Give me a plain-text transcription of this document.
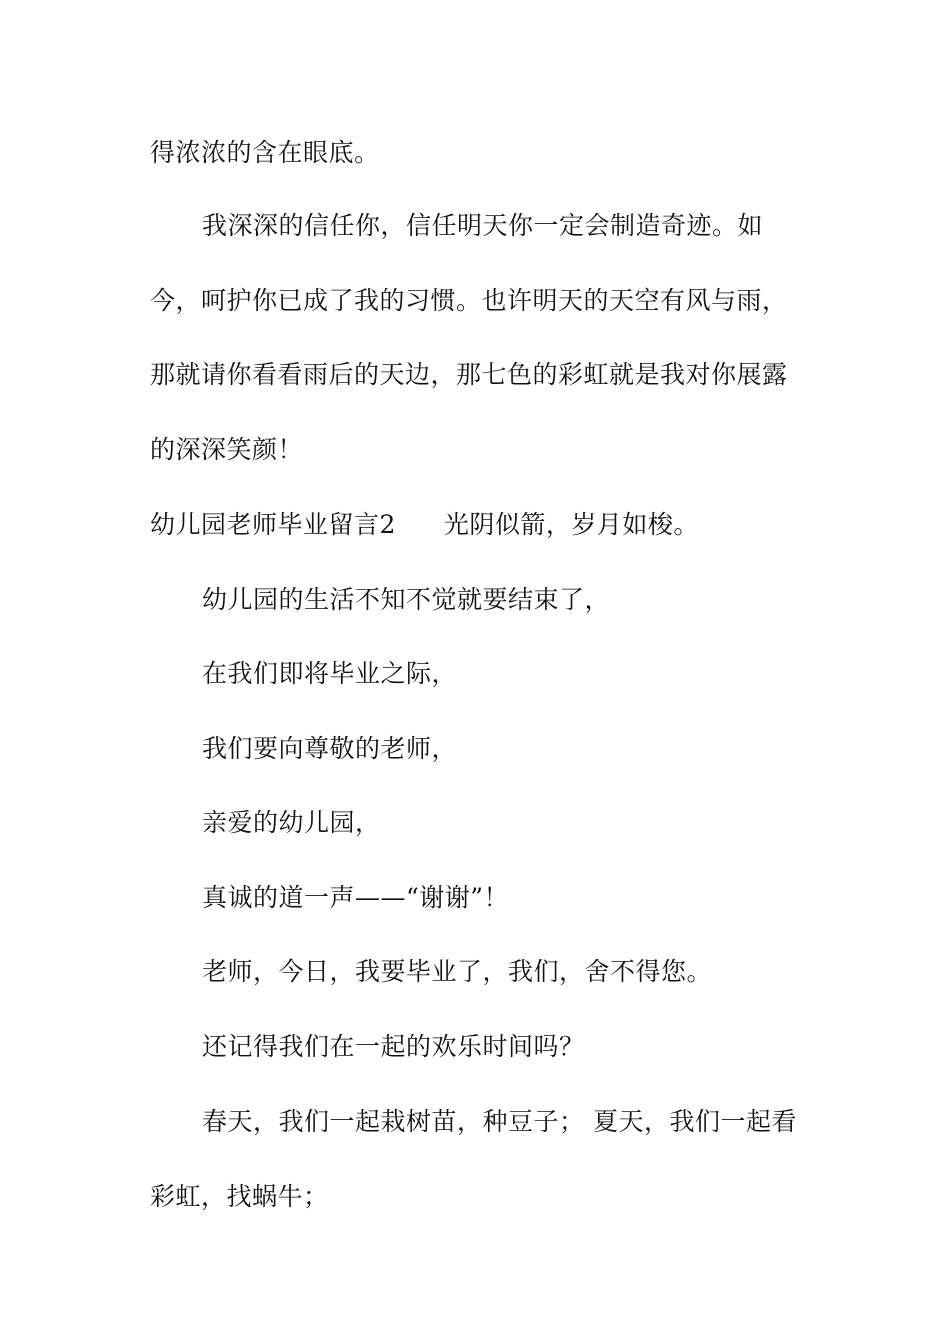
得浓浓的含在眼底。
我深深的信任你，信任明天你一定会制造奇迹。如
今，呵护你已成了我的习惯。也许明天的天空有风与雨，
那就请你看看雨后的天边，那七色的彩虹就是我对你展露
的深深笑颜！
幼儿园老师毕业留言2 光阴似箭，岁月如梭。
幼儿园的生活不知不觉就要结束了，
在我们即将毕业之际，
我们要向尊敬的老师，
亲爱的幼儿园，
真诚的道一声——“谢谢”！
老师，今日，我要毕业了，我们，舍不得您。
还记得我们在一起的欢乐时间吗？
春天，我们一起栽树苗，种豆子； 夏天，我们一起看
彩虹，找蜗牛；
